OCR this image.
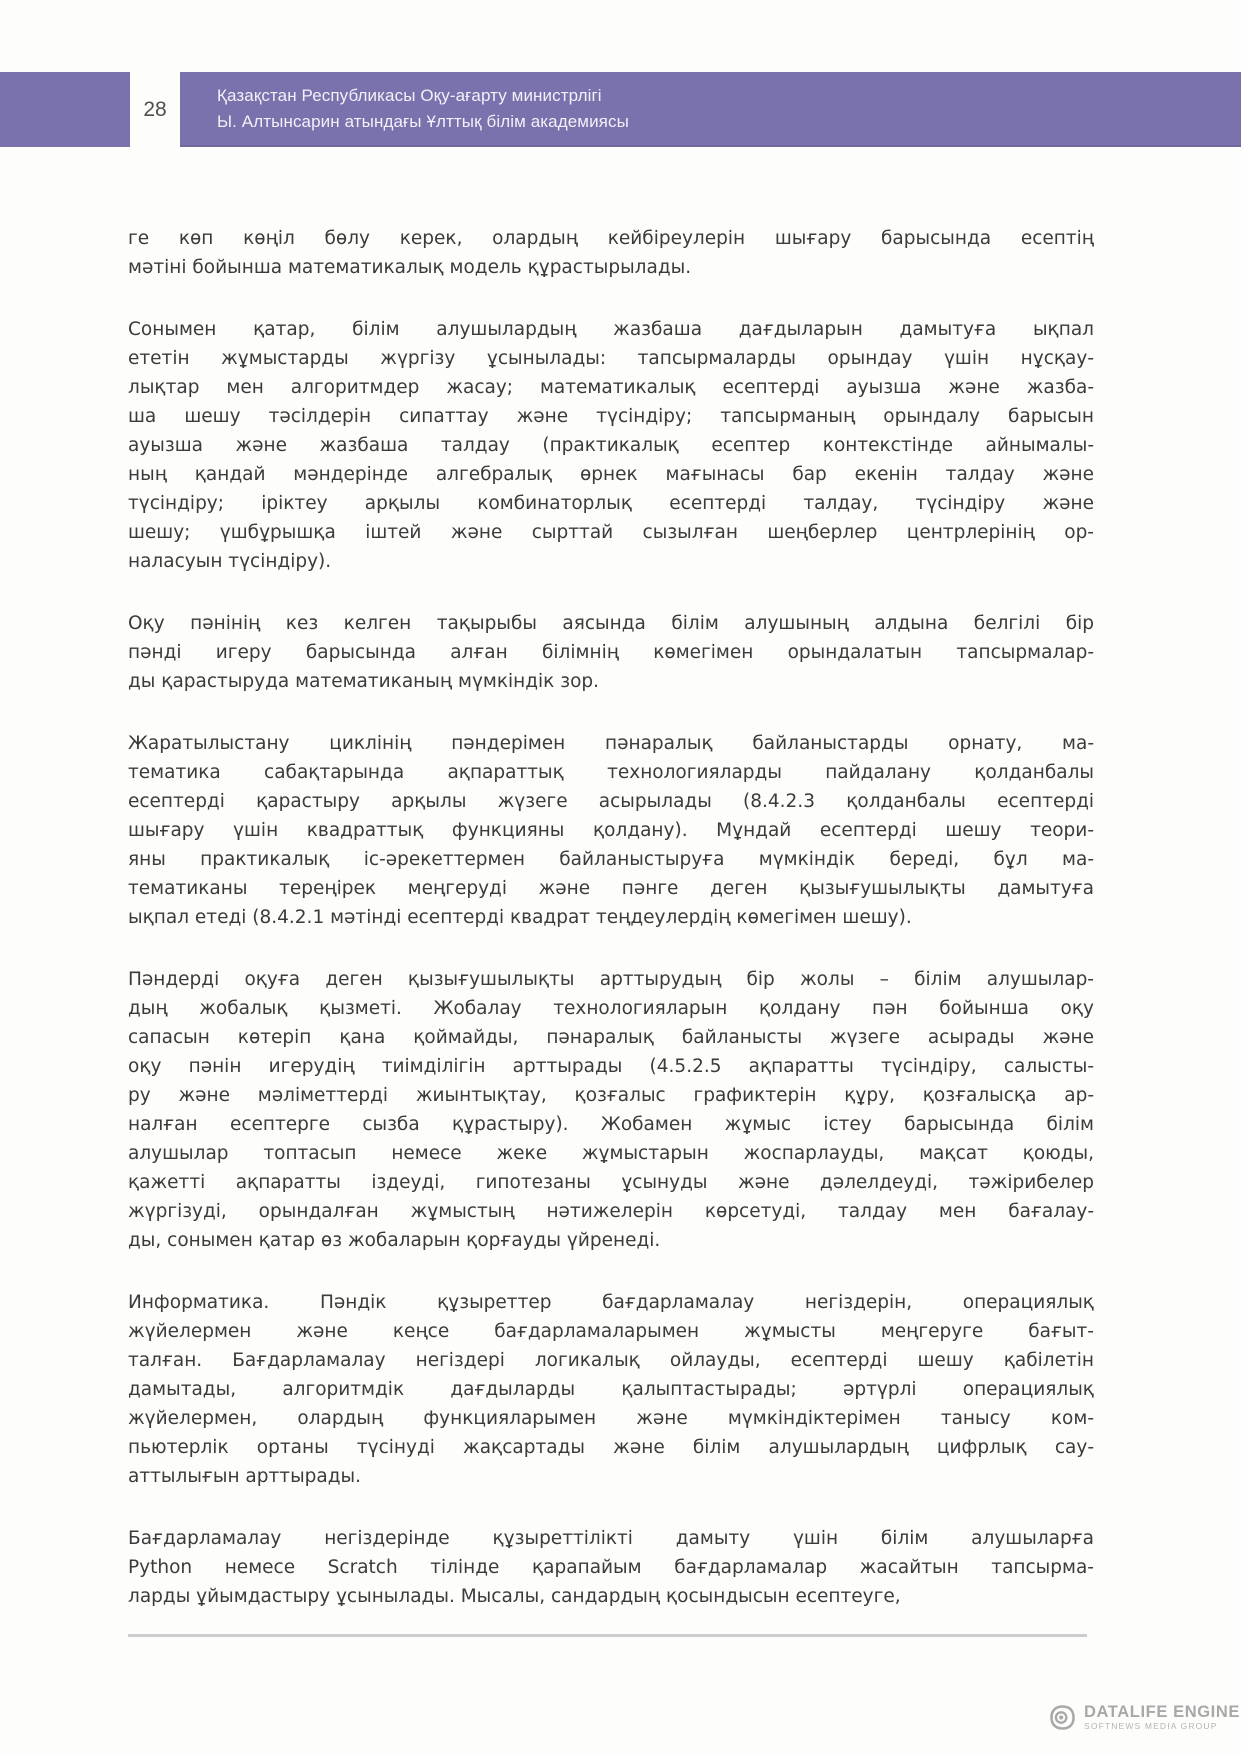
28
Қазақстан Республикасы Оқу-ағарту министрлігі
Ы. Алтынсарин атындағы Ұлттық білім академиясы
ге көп көңіл бөлу керек, олардың кейбіреулерін шығару барысында есептің
мәтіні бойынша математикалық модель құрастырылады.
Сонымен қатар, білім алушылардың жазбаша дағдыларын дамытуға ықпал
ететін жұмыстарды жүргізу ұсынылады: тапсырмаларды орындау үшін нұсқау-
лықтар мен алгоритмдер жасау; математикалық есептерді ауызша және жазба-
ша шешу тәсілдерін сипаттау және түсіндіру; тапсырманың орындалу барысын
ауызша және жазбаша талдау (практикалық есептер контекстінде айнымалы-
ның қандай мәндерінде алгебралық өрнек мағынасы бар екенін талдау және
түсіндіру; іріктеу арқылы комбинаторлық есептерді талдау, түсіндіру және
шешу; үшбұрышқа іштей және сырттай сызылған шеңберлер центрлерінің ор-
наласуын түсіндіру).
Оқу пәнінің кез келген тақырыбы аясында білім алушының алдына белгілі бір
пәнді игеру барысында алған білімнің көмегімен орындалатын тапсырмалар-
ды қарастыруда математиканың мүмкіндік зор.
Жаратылыстану циклінің пәндерімен пәнаралық байланыстарды орнату, ма-
тематика сабақтарында ақпараттық технологияларды пайдалану қолданбалы
есептерді қарастыру арқылы жүзеге асырылады (8.4.2.3 қолданбалы есептерді
шығару үшін квадраттық функцияны қолдану). Мұндай есептерді шешу теори-
яны практикалық іс-әрекеттермен байланыстыруға мүмкіндік береді, бұл ма-
тематиканы тереңірек меңгеруді және пәнге деген қызығушылықты дамытуға
ықпал етеді (8.4.2.1 мәтінді есептерді квадрат теңдеулердің көмегімен шешу).
Пәндерді оқуға деген қызығушылықты арттырудың бір жолы – білім алушылар-
дың жобалық қызметі. Жобалау технологияларын қолдану пән бойынша оқу
сапасын көтеріп қана қоймайды, пәнаралық байланысты жүзеге асырады және
оқу пәнін игерудің тиімділігін арттырады (4.5.2.5 ақпаратты түсіндіру, салысты-
ру және мәліметтерді жиынтықтау, қозғалыс графиктерін құру, қозғалысқа ар-
налған есептерге сызба құрастыру). Жобамен жұмыс істеу барысында білім
алушылар топтасып немесе жеке жұмыстарын жоспарлауды, мақсат қоюды,
қажетті ақпаратты іздеуді, гипотезаны ұсынуды және дәлелдеуді, тәжірибелер
жүргізуді, орындалған жұмыстың нәтижелерін көрсетуді, талдау мен бағалау-
ды, сонымен қатар өз жобаларын қорғауды үйренеді.
Информатика. Пәндік құзыреттер бағдарламалау негіздерін, операциялық
жүйелермен және кеңсе бағдарламаларымен жұмысты меңгеруге бағыт-
талған. Бағдарламалау негіздері логикалық ойлауды, есептерді шешу қабілетін
дамытады, алгоритмдік дағдыларды қалыптастырады; әртүрлі операциялық
жүйелермен, олардың функцияларымен және мүмкіндіктерімен танысу ком-
пьютерлік ортаны түсінуді жақсартады және білім алушылардың цифрлық сау-
аттылығын арттырады.
Бағдарламалау негіздерінде құзыреттілікті дамыту үшін білім алушыларға
Python немесе Scratch тілінде қарапайым бағдарламалар жасайтын тапсырма-
ларды ұйымдастыру ұсынылады. Мысалы, сандардың қосындысын есептеуге,
DATALIFE ENGINE
SOFTNEWS MEDIA GROUP
